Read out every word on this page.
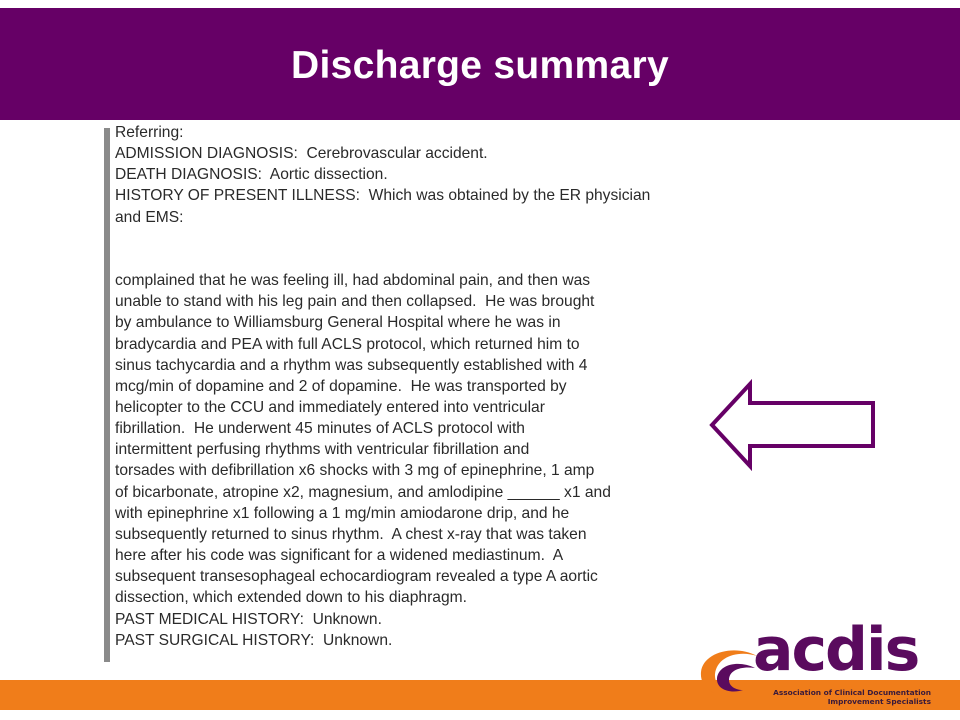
Discharge summary
Referring:
ADMISSION DIAGNOSIS:  Cerebrovascular accident.
DEATH DIAGNOSIS:  Aortic dissection.
HISTORY OF PRESENT ILLNESS:  Which was obtained by the ER physician
and EMS:
complained that he was feeling ill, had abdominal pain, and then was
unable to stand with his leg pain and then collapsed.  He was brought
by ambulance to Williamsburg General Hospital where he was in
bradycardia and PEA with full ACLS protocol, which returned him to
sinus tachycardia and a rhythm was subsequently established with 4
mcg/min of dopamine and 2 of dopamine.  He was transported by
helicopter to the CCU and immediately entered into ventricular
fibrillation.  He underwent 45 minutes of ACLS protocol with
intermittent perfusing rhythms with ventricular fibrillation and
torsades with defibrillation x6 shocks with 3 mg of epinephrine, 1 amp
of bicarbonate, atropine x2, magnesium, and amlodipine ______ x1 and
with epinephrine x1 following a 1 mg/min amiodarone drip, and he
subsequently returned to sinus rhythm.  A chest x-ray that was taken
here after his code was significant for a widened mediastinum.  A
subsequent transesophageal echocardiogram revealed a type A aortic
dissection, which extended down to his diaphragm.
PAST MEDICAL HISTORY:  Unknown.
PAST SURGICAL HISTORY:  Unknown.	acdis
Association of Clinical Documentation
Improvement Specialists
